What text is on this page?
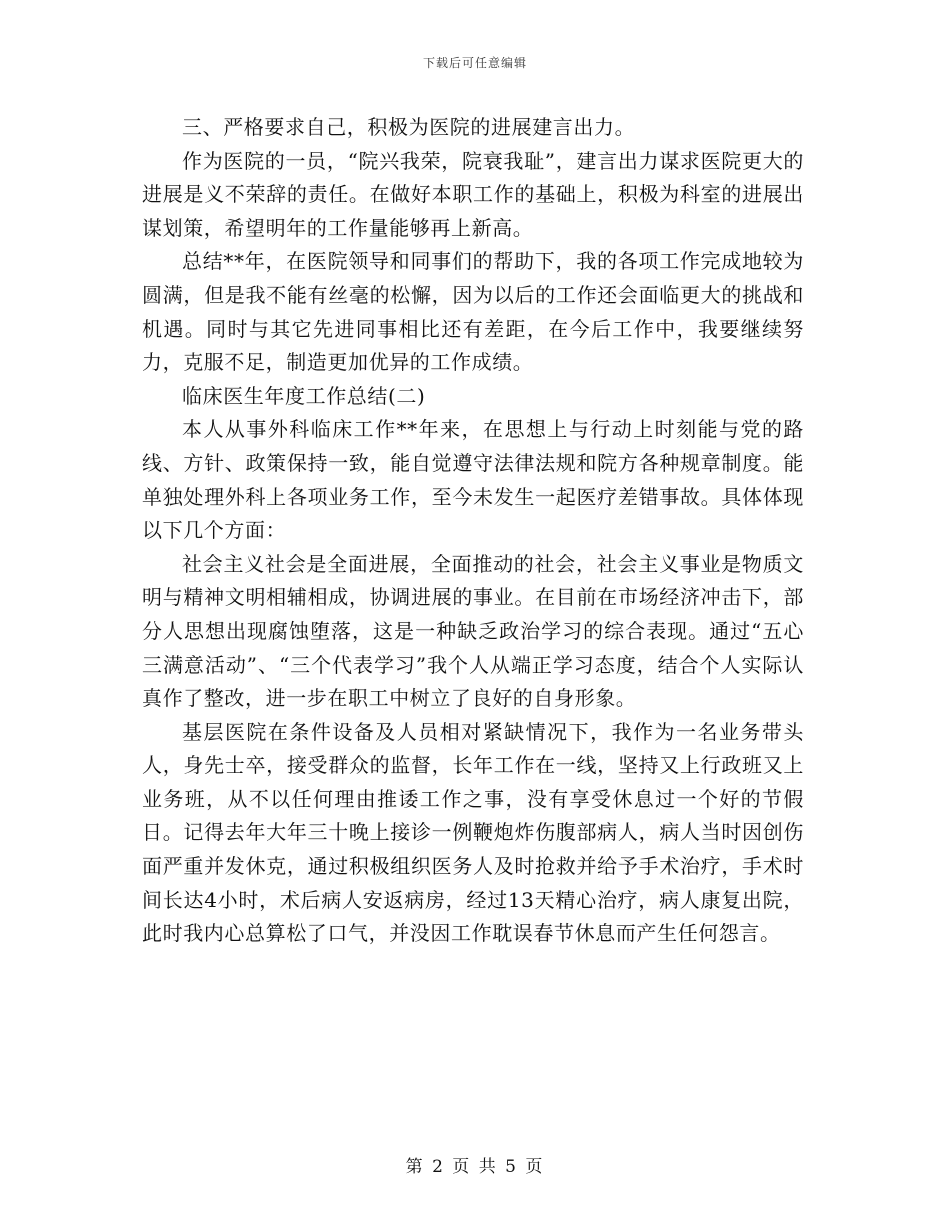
下载后可任意编辑

三、严格要求自己，积极为医院的进展建言出力。

作为医院的一员，“院兴我荣，院衰我耻”，建言出力谋求医院更大的进展是义不荣辞的责任。在做好本职工作的基础上，积极为科室的进展出谋划策，希望明年的工作量能够再上新高。

总结**年，在医院领导和同事们的帮助下，我的各项工作完成地较为圆满，但是我不能有丝毫的松懈，因为以后的工作还会面临更大的挑战和机遇。同时与其它先进同事相比还有差距，在今后工作中，我要继续努力，克服不足，制造更加优异的工作成绩。

临床医生年度工作总结(二)

本人从事外科临床工作**年来，在思想上与行动上时刻能与党的路线、方针、政策保持一致，能自觉遵守法律法规和院方各种规章制度。能单独处理外科上各项业务工作，至今未发生一起医疗差错事故。具体体现以下几个方面：

社会主义社会是全面进展，全面推动的社会，社会主义事业是物质文明与精神文明相辅相成，协调进展的事业。在目前在市场经济冲击下，部分人思想出现腐蚀堕落，这是一种缺乏政治学习的综合表现。通过“五心三满意活动”、“三个代表学习”我个人从端正学习态度，结合个人实际认真作了整改，进一步在职工中树立了良好的自身形象。

基层医院在条件设备及人员相对紧缺情况下，我作为一名业务带头人，身先士卒，接受群众的监督，长年工作在一线，坚持又上行政班又上业务班，从不以任何理由推诿工作之事，没有享受休息过一个好的节假日。记得去年大年三十晚上接诊一例鞭炮炸伤腹部病人，病人当时因创伤面严重并发休克，通过积极组织医务人及时抢救并给予手术治疗，手术时间长达4小时，术后病人安返病房，经过13天精心治疗，病人康复出院，此时我内心总算松了口气，并没因工作耽误春节休息而产生任何怨言。

第 2 页 共 5 页
